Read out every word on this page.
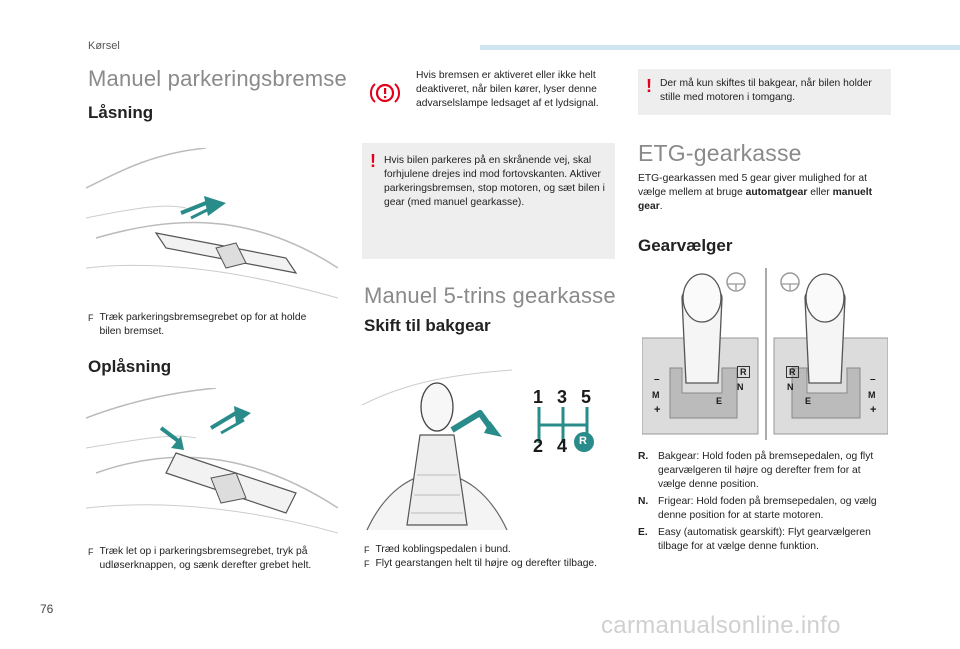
Kørsel
Manuel parkeringsbremse
Låsning
F Træk parkeringsbremsegrebet op for at holde bilen bremset.
Oplåsning
F Træk let op i parkeringsbremsegrebet, tryk på udløserknappen, og sænk derefter grebet helt.
Hvis bremsen er aktiveret eller ikke helt deaktiveret, når bilen kører, lyser denne advarselslampe ledsaget af et lydsignal.
! Hvis bilen parkeres på en skrånende vej, skal forhjulene drejes ind mod fortovskanten. Aktiver parkeringsbremsen, stop motoren, og sæt bilen i gear (med manuel gearkasse).
Manuel 5-trins gearkasse
Skift til bakgear
1 3 5
2 4 R
F Træd koblingspedalen i bund.
F Flyt gearstangen helt til højre og derefter tilbage.
! Der må kun skiftes til bakgear, når bilen holder stille med motoren i tomgang.
ETG-gearkasse
ETG-gearkassen med 5 gear giver mulighed for at vælge mellem at bruge automatgear eller manuelt gear.
Gearvælger
R
N
E
–
M
+
R
N
E
–
M
+
R. Bakgear: Hold foden på bremsepedalen, og flyt gearvælgeren til højre og derefter frem for at vælge denne position.
N. Frigear: Hold foden på bremsepedalen, og vælg denne position for at starte motoren.
E. Easy (automatisk gearskift): Flyt gearvælgeren tilbage for at vælge denne funktion.
76
carmanualsonline.info
